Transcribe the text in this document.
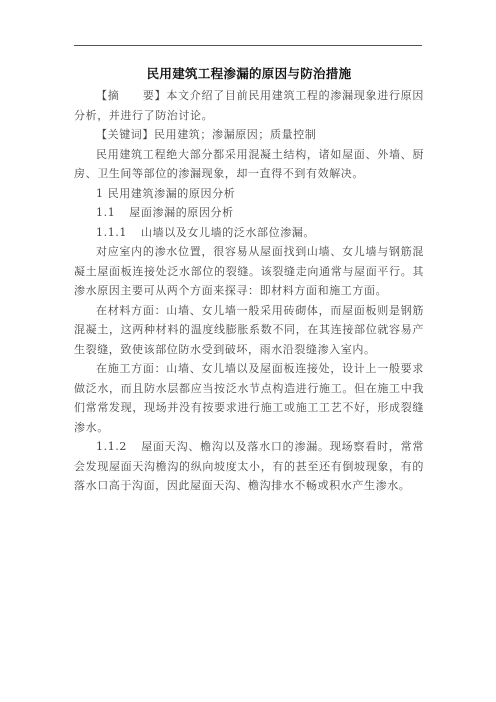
民用建筑工程渗漏的原因与防治措施

【摘　　要】本文介绍了目前民用建筑工程的渗漏现象进行原因分析，并进行了防治讨论。

【关键词】民用建筑；渗漏原因；质量控制

民用建筑工程绝大部分都采用混凝土结构，诸如屋面、外墙、厨房、卫生间等部位的渗漏现象，却一直得不到有效解决。

1 民用建筑渗漏的原因分析

1.1 屋面渗漏的原因分析

1.1.1 山墙以及女儿墙的泛水部位渗漏。

对应室内的渗水位置，很容易从屋面找到山墙、女儿墙与钢筋混凝土屋面板连接处泛水部位的裂缝。该裂缝走向通常与屋面平行。其渗水原因主要可从两个方面来探寻：即材料方面和施工方面。

在材料方面：山墙、女儿墙一般采用砖砌体，而屋面板则是钢筋混凝土，这两种材料的温度线膨胀系数不同，在其连接部位就容易产生裂缝，致使该部位防水受到破坏，雨水沿裂缝渗入室内。

在施工方面：山墙、女儿墙以及屋面板连接处，设计上一般要求做泛水，而且防水层都应当按泛水节点构造进行施工。但在施工中我们常常发现，现场并没有按要求进行施工或施工工艺不好，形成裂缝渗水。

1.1.2 屋面天沟、檐沟以及落水口的渗漏。现场察看时，常常会发现屋面天沟檐沟的纵向坡度太小，有的甚至还有倒坡现象，有的落水口高于沟面，因此屋面天沟、檐沟排水不畅或积水产生渗水。
